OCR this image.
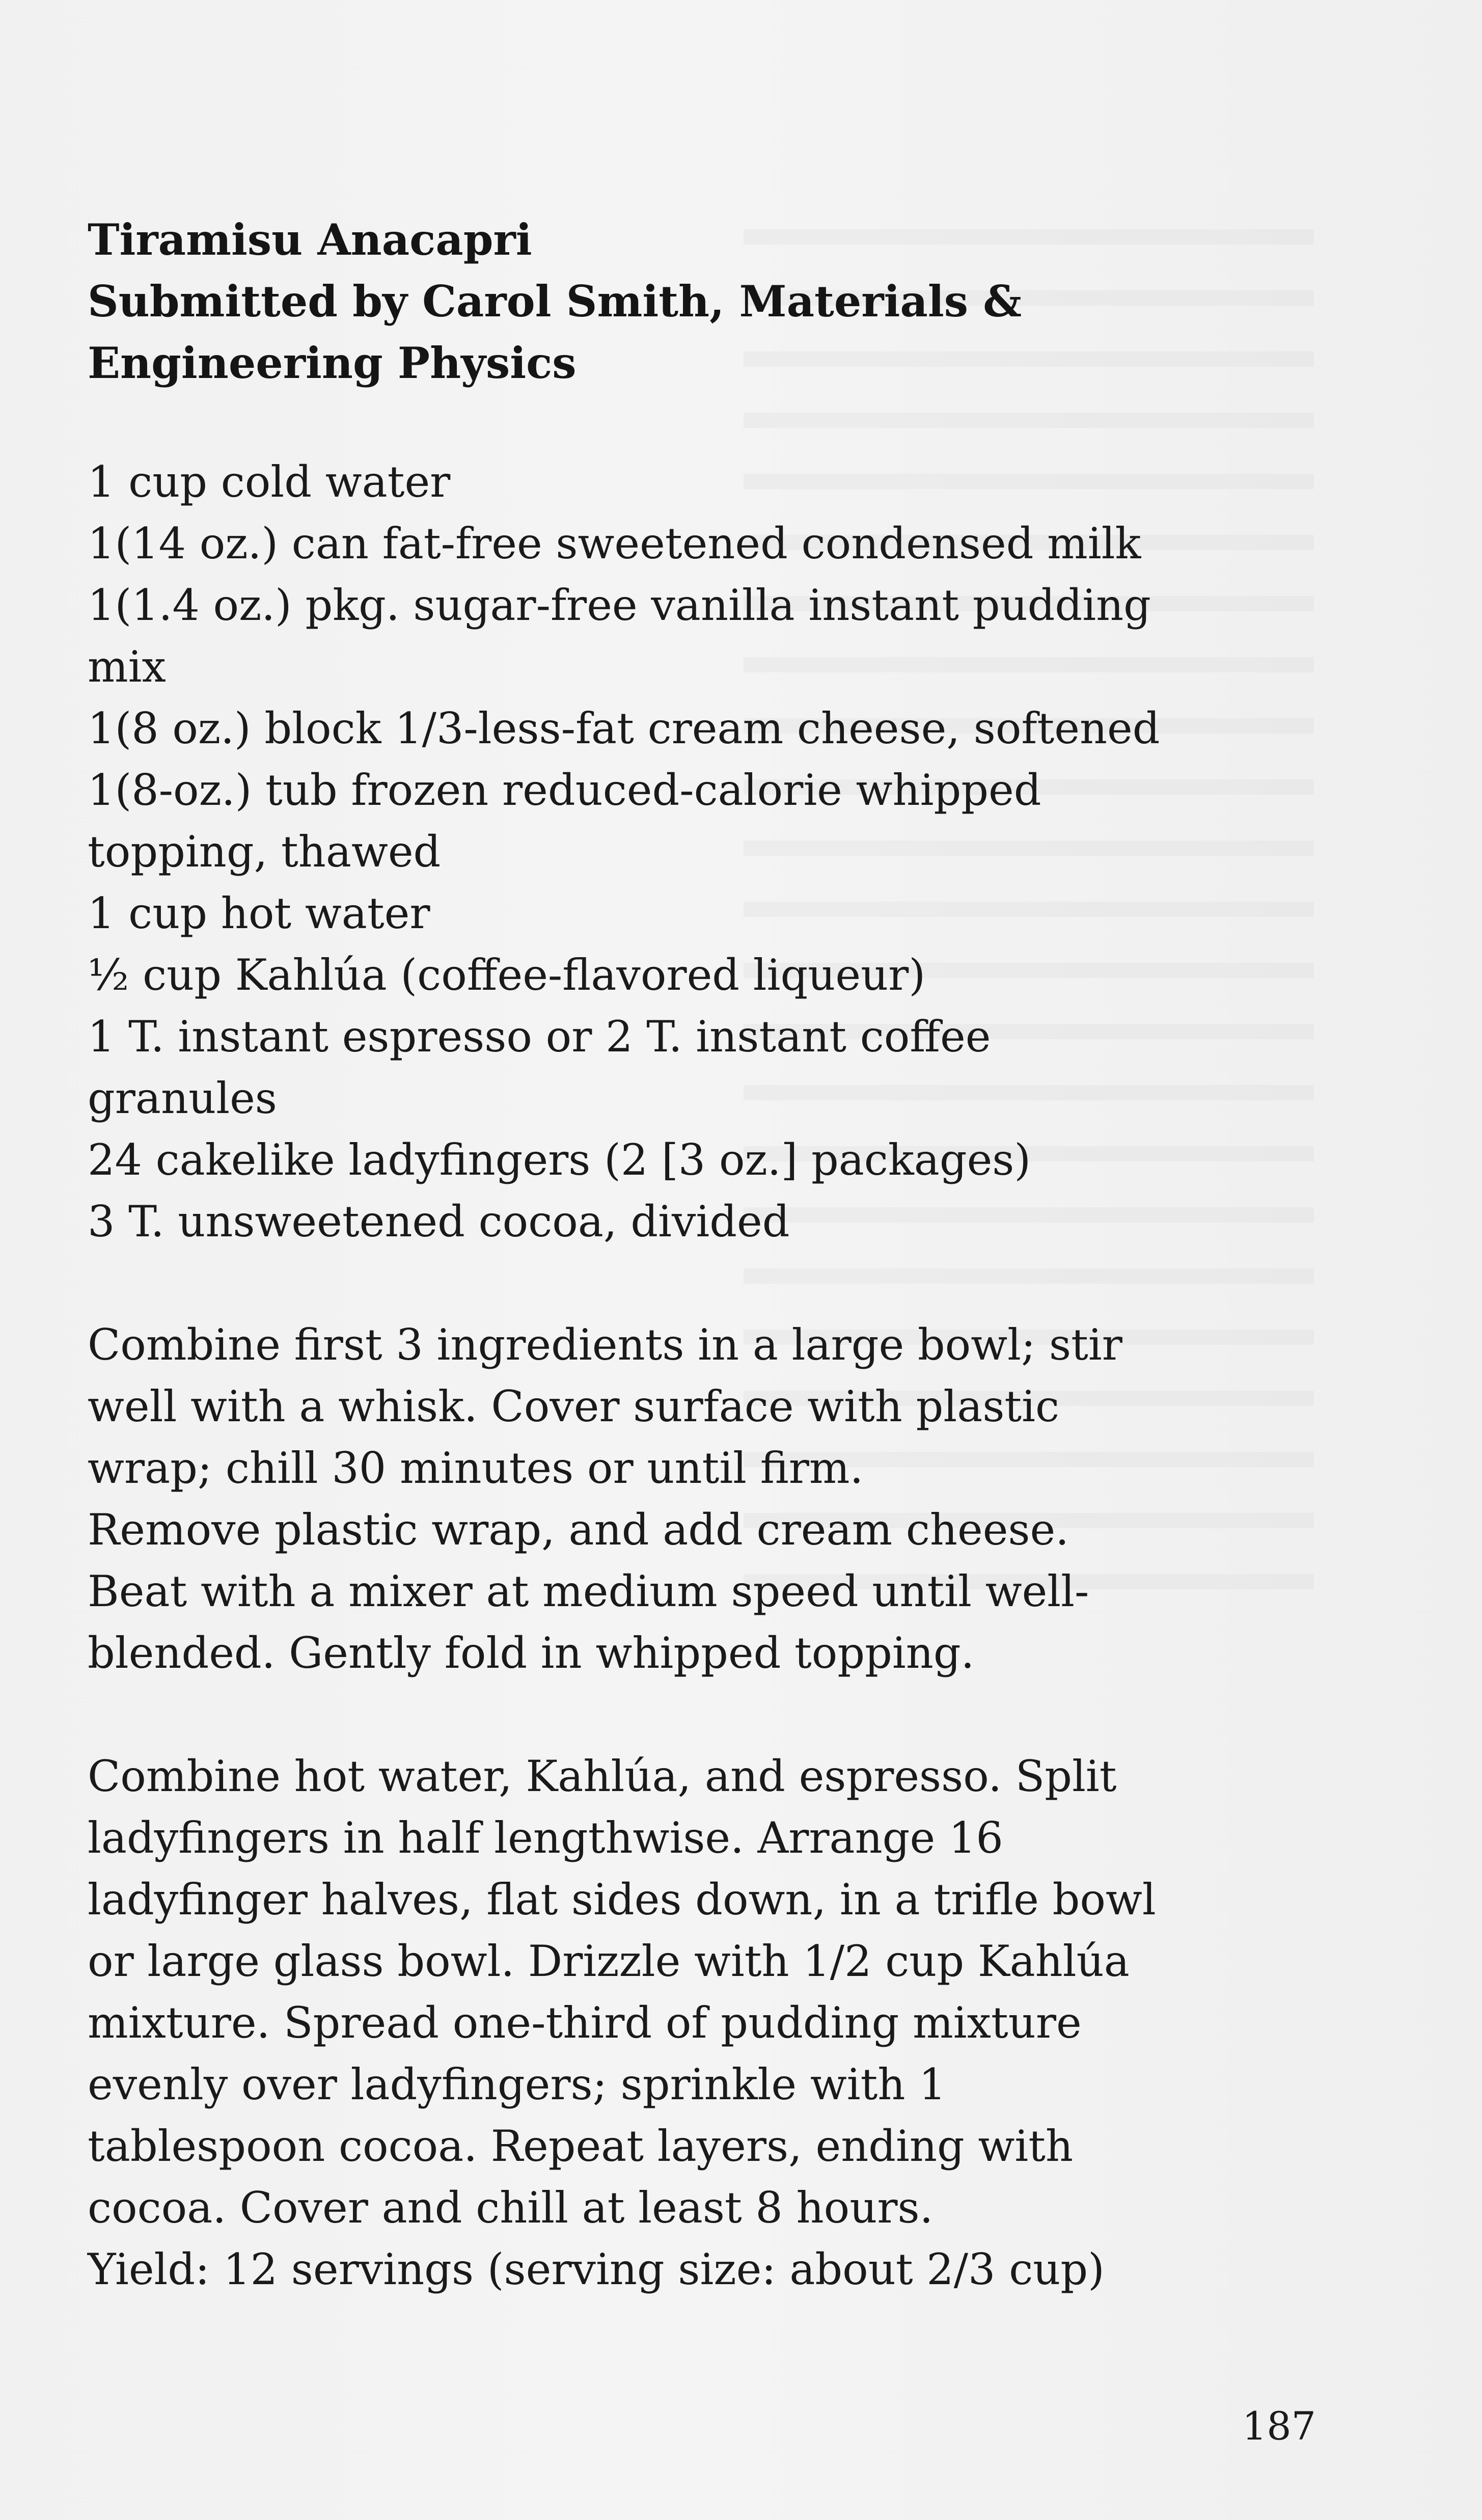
Tiramisu Anacapri
Submitted by Carol Smith, Materials &
Engineering Physics
1 cup cold water
1(14 oz.) can fat-free sweetened condensed milk
1(1.4 oz.) pkg. sugar-free vanilla instant pudding
mix
1(8 oz.) block 1/3-less-fat cream cheese, softened
1(8-oz.) tub frozen reduced-calorie whipped
topping, thawed
1 cup hot water
½ cup Kahlúa (coffee-flavored liqueur)
1 T. instant espresso or 2 T. instant coffee
granules
24 cakelike ladyfingers (2 [3 oz.] packages)
3 T. unsweetened cocoa, divided
Combine first 3 ingredients in a large bowl; stir
well with a whisk. Cover surface with plastic
wrap; chill 30 minutes or until firm.
Remove plastic wrap, and add cream cheese.
Beat with a mixer at medium speed until well-
blended. Gently fold in whipped topping.
Combine hot water, Kahlúa, and espresso. Split
ladyfingers in half lengthwise. Arrange 16
ladyfinger halves, flat sides down, in a trifle bowl
or large glass bowl. Drizzle with 1/2 cup Kahlúa
mixture. Spread one-third of pudding mixture
evenly over ladyfingers; sprinkle with 1
tablespoon cocoa. Repeat layers, ending with
cocoa. Cover and chill at least 8 hours.
Yield: 12 servings (serving size: about 2/3 cup)
187
